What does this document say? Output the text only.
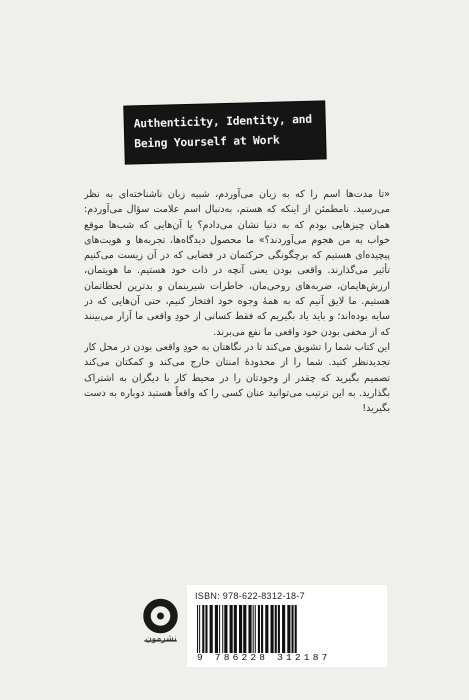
Authenticity, Identity, and
Being Yourself at Work
«تا مدت‌ها اسم را که به زبان می‌آوردم، شبیه زبان ناشناخته‌ای به نظر می‌رسید. نامطمئن از اینکه که هستم، به‌دنبال اسم علامت سؤال می‌آوردم: همان چیزهایی بودم که به دنیا نشان می‌دادم؟ یا آن‌هایی که شب‌ها موقع خواب به من هجوم می‌آوردند؟» ما محصول دیدگاه‌ها، تجربه‌ها و هویت‌های پیچیده‌ای هستیم که برچگونگی حرکتمان در فضایی که در آن زیست می‌کنیم تأثیر می‌گذارند. واقعی بودن یعنی آنچه در ذات خود هستیم. ما هویتمان، ارزش‌هایمان، ضربه‌های روحی‌مان، خاطرات شیرینمان و بدترین لحظاتمان هستیم. ما لایق آنیم که به همهٔ وجوه خود افتخار کنیم، حتی آن‌هایی که در سایه بوده‌اند؛ و باید یاد بگیریم که فقط کسانی از خودِ واقعی ما آزار می‌بینند که از مخفی بودن خود واقعی ما نفع می‌برند.
این کتاب شما را تشویق می‌کند تا در نگاهتان به خودِ واقعی بودن در محل کار تجدیدنظر کنید. شما را از محدودهٔ امنتان خارج می‌کند و کمکتان می‌کند تصمیم بگیرید که چقدر از وجودتان را در محیط کار با دیگران به اشتراک بگذارید. به این ترتیب می‌توانید عنان کسی را که واقعاً هستید دوباره به دست بگیرید!
ISBN: 978-622-8312-18-7
9 786228 312187
نشرمون
